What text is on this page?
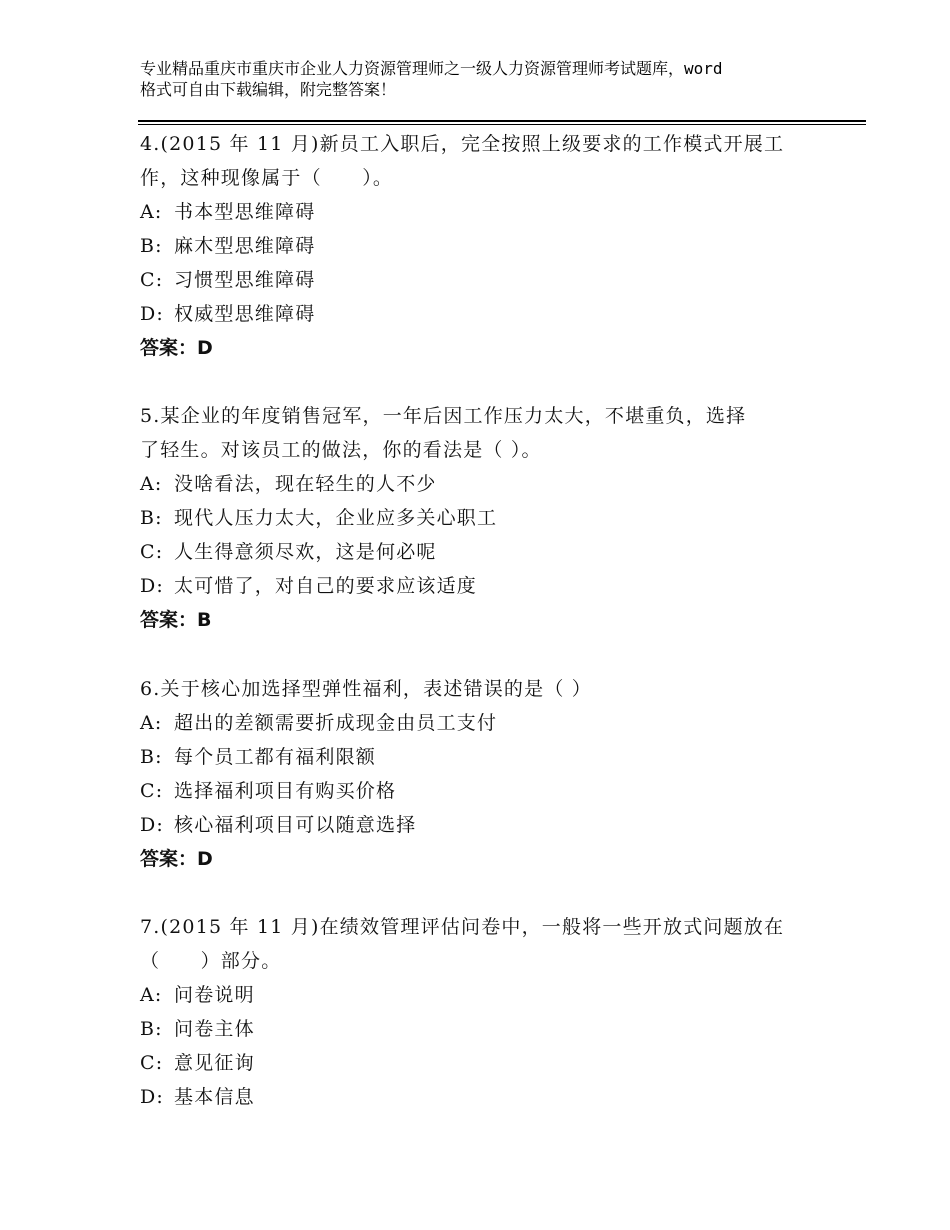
专业精品重庆市重庆市企业人力资源管理师之一级人力资源管理师考试题库，word
格式可自由下载编辑，附完整答案！
4.(2015 年 11 月)新员工入职后，完全按照上级要求的工作模式开展工
作，这种现像属于（　　）。
A: 书本型思维障碍
B: 麻木型思维障碍
C: 习惯型思维障碍
D: 权威型思维障碍
答案：D
5.某企业的年度销售冠军，一年后因工作压力太大，不堪重负，选择
了轻生。对该员工的做法，你的看法是（ ）。
A: 没啥看法，现在轻生的人不少
B: 现代人压力太大，企业应多关心职工
C: 人生得意须尽欢，这是何必呢
D: 太可惜了，对自己的要求应该适度
答案：B
6.关于核心加选择型弹性福利，表述错误的是（ ）
A: 超出的差额需要折成现金由员工支付
B: 每个员工都有福利限额
C: 选择福利项目有购买价格
D: 核心福利项目可以随意选择
答案：D
7.(2015 年 11 月)在绩效管理评估问卷中，一般将一些开放式问题放在
（　　）部分。
A: 问卷说明
B: 问卷主体
C: 意见征询
D: 基本信息
